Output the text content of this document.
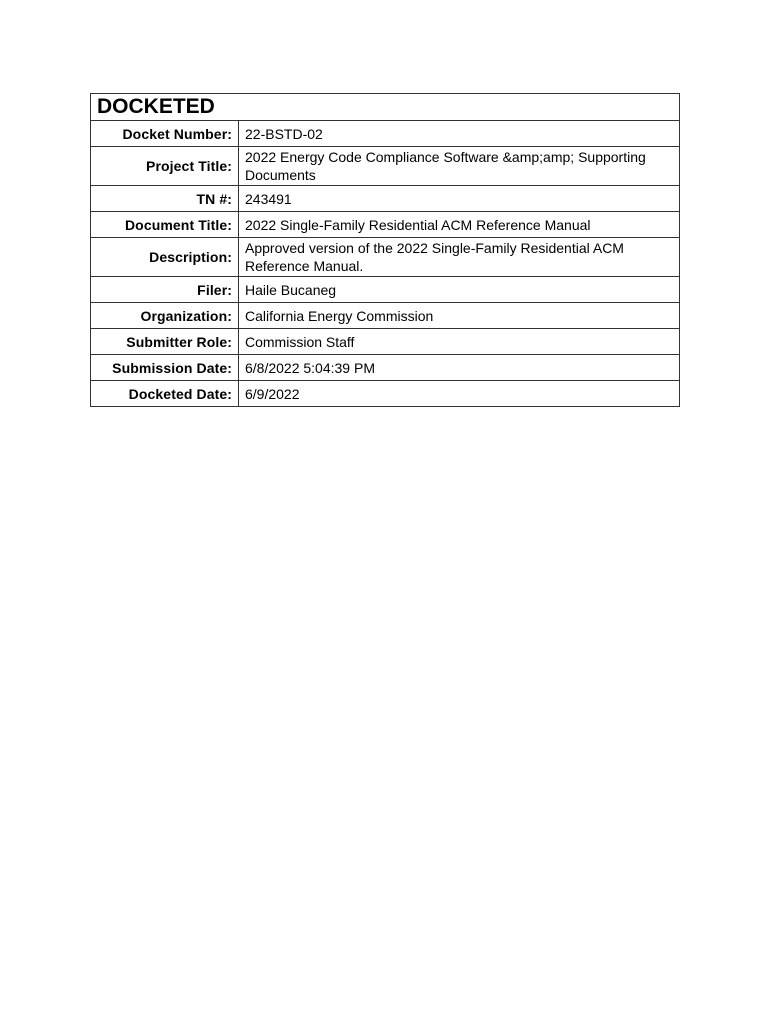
DOCKETED	
Docket Number:	22-BSTD-02
Project Title:	2022 Energy Code Compliance Software &amp;amp; Supporting Documents
TN #:	243491
Document Title:	2022 Single-Family Residential ACM Reference Manual
Description:	Approved version of the 2022 Single-Family Residential ACM Reference Manual.
Filer:	Haile Bucaneg
Organization:	California Energy Commission
Submitter Role:	Commission Staff
Submission Date:	6/8/2022 5:04:39 PM
Docketed Date:	6/9/2022
